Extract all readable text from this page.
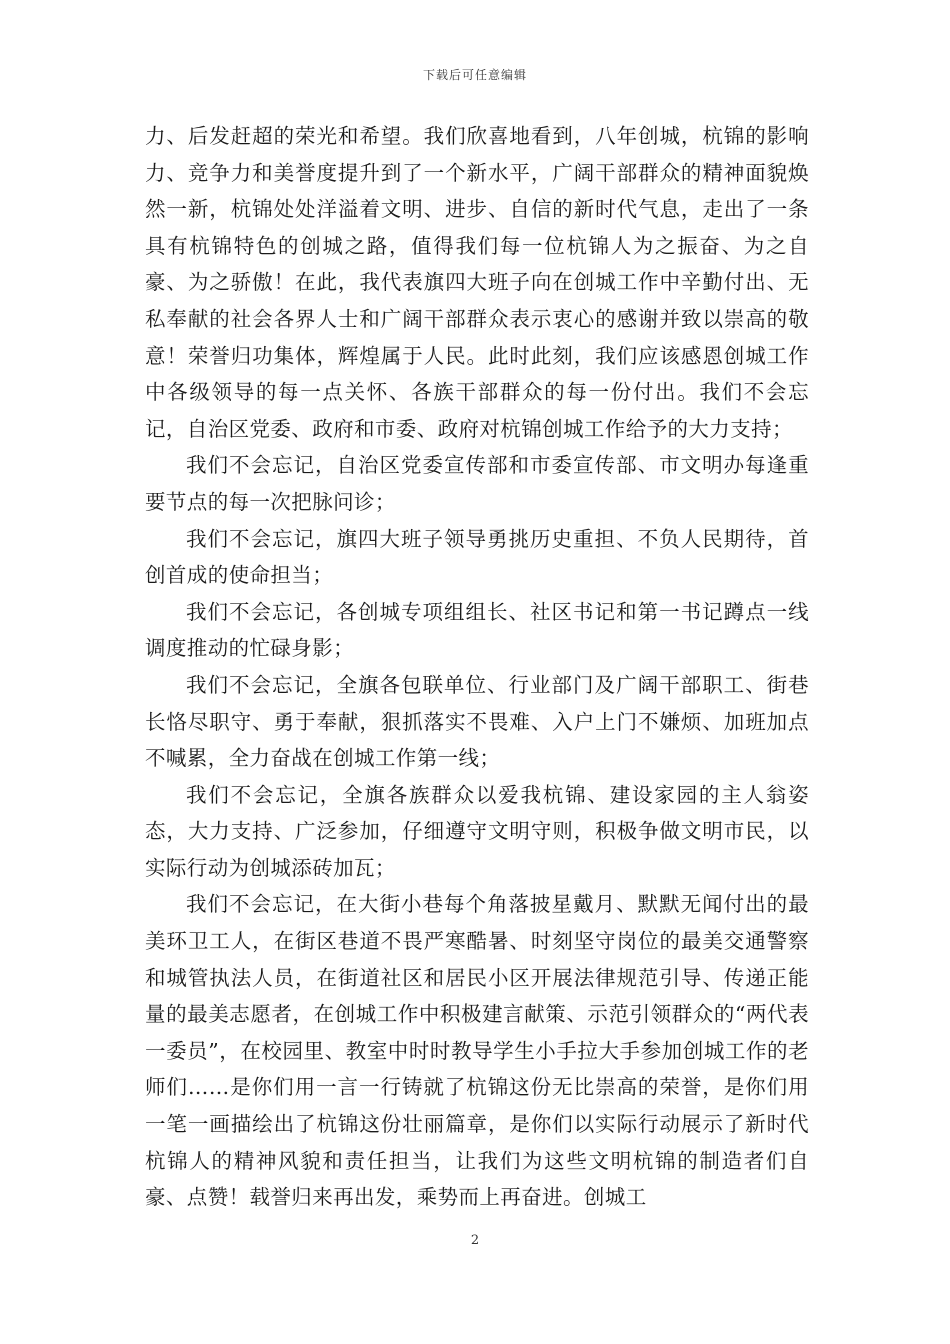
下载后可任意编辑

力、后发赶超的荣光和希望。我们欣喜地看到，八年创城，杭锦的影响力、竞争力和美誉度提升到了一个新水平，广阔干部群众的精神面貌焕然一新，杭锦处处洋溢着文明、进步、自信的新时代气息，走出了一条具有杭锦特色的创城之路，值得我们每一位杭锦人为之振奋、为之自豪、为之骄傲！在此，我代表旗四大班子向在创城工作中辛勤付出、无私奉献的社会各界人士和广阔干部群众表示衷心的感谢并致以崇高的敬意！荣誉归功集体，辉煌属于人民。此时此刻，我们应该感恩创城工作中各级领导的每一点关怀、各族干部群众的每一份付出。我们不会忘记，自治区党委、政府和市委、政府对杭锦创城工作给予的大力支持；

我们不会忘记，自治区党委宣传部和市委宣传部、市文明办每逢重要节点的每一次把脉问诊；

我们不会忘记，旗四大班子领导勇挑历史重担、不负人民期待，首创首成的使命担当；

我们不会忘记，各创城专项组组长、社区书记和第一书记蹲点一线调度推动的忙碌身影；

我们不会忘记，全旗各包联单位、行业部门及广阔干部职工、街巷长恪尽职守、勇于奉献，狠抓落实不畏难、入户上门不嫌烦、加班加点不喊累，全力奋战在创城工作第一线；

我们不会忘记，全旗各族群众以爱我杭锦、建设家园的主人翁姿态，大力支持、广泛参加，仔细遵守文明守则，积极争做文明市民，以实际行动为创城添砖加瓦；

我们不会忘记，在大街小巷每个角落披星戴月、默默无闻付出的最美环卫工人，在街区巷道不畏严寒酷暑、时刻坚守岗位的最美交通警察和城管执法人员，在街道社区和居民小区开展法律规范引导、传递正能量的最美志愿者，在创城工作中积极建言献策、示范引领群众的“两代表一委员”，在校园里、教室中时时教导学生小手拉大手参加创城工作的老师们……是你们用一言一行铸就了杭锦这份无比崇高的荣誉，是你们用一笔一画描绘出了杭锦这份壮丽篇章，是你们以实际行动展示了新时代杭锦人的精神风貌和责任担当，让我们为这些文明杭锦的制造者们自豪、点赞！载誉归来再出发，乘势而上再奋进。创城工

2
